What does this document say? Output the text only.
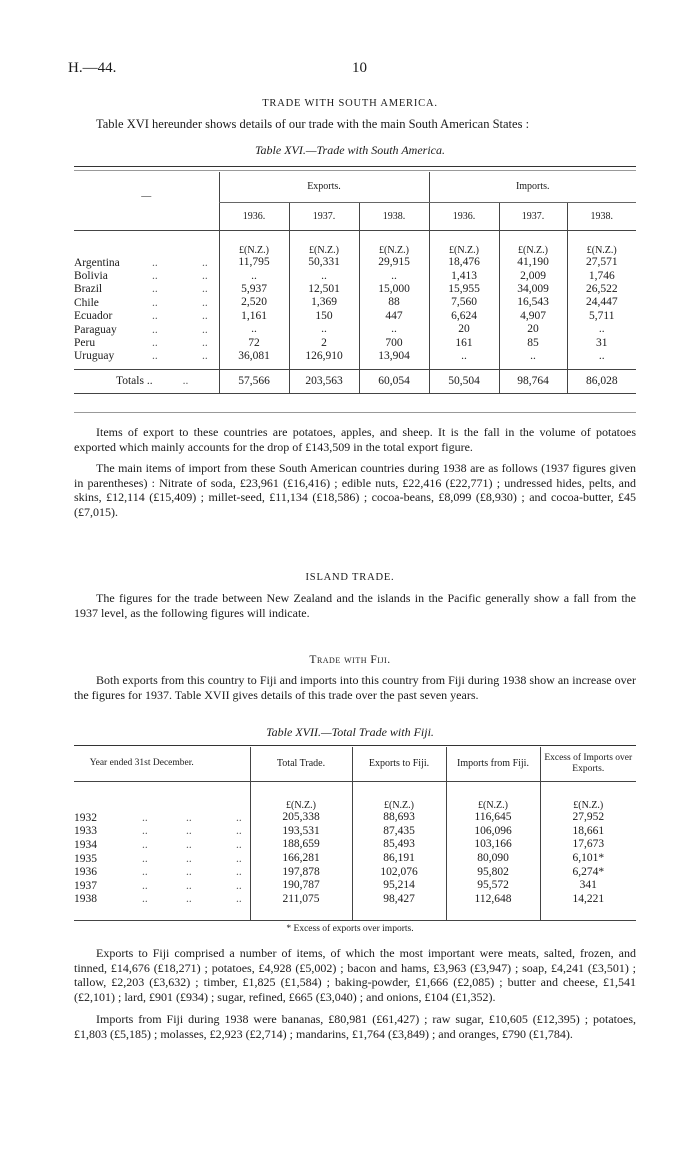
H.—44.	10
TRADE WITH SOUTH AMERICA.
Table XVI hereunder shows details of our trade with the main South American States :
Table XVI.—Trade with South America.
—	Exports.			Imports.		
	1936.	1937.	1938.	1936.	1937.	1938.
	£(N.Z.)	£(N.Z.)	£(N.Z.)	£(N.Z.)	£(N.Z.)	£(N.Z.)
Argentina .. ..	11,795	50,331	29,915	18,476	41,190	27,571
Bolivia .. ..	..	..	..	1,413	2,009	1,746
Brazil .. ..	5,937	12,501	15,000	15,955	34,009	26,522
Chile .. ..	2,520	1,369	88	7,560	16,543	24,447
Ecuador .. ..	1,161	150	447	6,624	4,907	5,711
Paraguay .. ..	..	..	..	20	20	..
Peru .. ..	72	2	700	161	85	31
Uruguay .. ..	36,081	126,910	13,904	..	..	..

Totals .. ..	57,566	203,563	60,054	50,504	98,764	86,028

Items of export to these countries are potatoes, apples, and sheep. It is the fall in the volume of potatoes exported which mainly accounts for the drop of £143,509 in the total export figure.

The main items of import from these South American countries during 1938 are as follows (1937 figures given in parentheses) : Nitrate of soda, £23,961 (£16,416) ; edible nuts, £22,416 (£22,771) ; undressed hides, pelts, and skins, £12,114 (£15,409) ; millet-seed, £11,134 (£18,586) ; cocoa-beans, £8,099 (£8,930) ; and cocoa-butter, £45 (£7,015).

ISLAND TRADE.

The figures for the trade between New Zealand and the islands in the Pacific generally show a fall from the 1937 level, as the following figures will indicate.

Trade with Fiji.

Both exports from this country to Fiji and imports into this country from Fiji during 1938 show an increase over the figures for 1937. Table XVII gives details of this trade over the past seven years.

Table XVII.—Total Trade with Fiji.
Year ended 31st December.	Total Trade.	Exports to Fiji.	Imports from Fiji.	Excess of Imports over Exports.
	£(N.Z.)	£(N.Z.)	£(N.Z.)	£(N.Z.)
1932 .. .. ..	205,338	88,693	116,645	27,952
1933 .. .. ..	193,531	87,435	106,096	18,661
1934 .. .. ..	188,659	85,493	103,166	17,673
1935 .. .. ..	166,281	86,191	80,090	6,101*
1936 .. .. ..	197,878	102,076	95,802	6,274*
1937 .. .. ..	190,787	95,214	95,572	341
1938 .. .. ..	211,075	98,427	112,648	14,221

* Excess of exports over imports.

Exports to Fiji comprised a number of items, of which the most important were meats, salted, frozen, and tinned, £14,676 (£18,271) ; potatoes, £4,928 (£5,002) ; bacon and hams, £3,963 (£3,947) ; soap, £4,241 (£3,501) ; tallow, £2,203 (£3,632) ; timber, £1,825 (£1,584) ; baking-powder, £1,666 (£2,085) ; butter and cheese, £1,541 (£2,101) ; lard, £901 (£934) ; sugar, refined, £665 (£3,040) ; and onions, £104 (£1,352).

Imports from Fiji during 1938 were bananas, £80,981 (£61,427) ; raw sugar, £10,605 (£12,395) ; potatoes, £1,803 (£5,185) ; molasses, £2,923 (£2,714) ; mandarins, £1,764 (£3,849) ; and oranges, £790 (£1,784).
